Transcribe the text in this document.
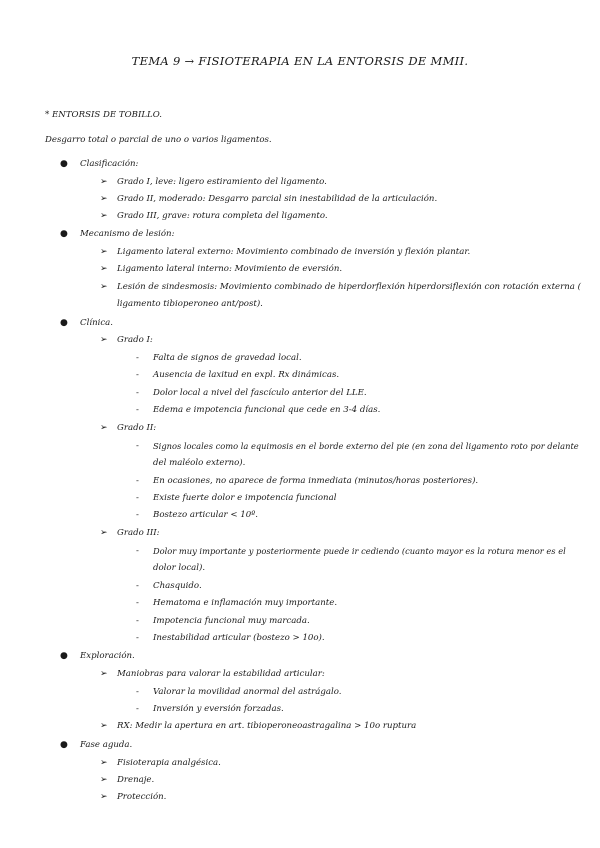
TEMA 9 → FISIOTERAPIA EN LA ENTORSIS DE MMII.
* ENTORSIS DE TOBILLO.
Desgarro total o parcial de uno o varios ligamentos.
● Clasificación:
➢ Grado I, leve: ligero estiramiento del ligamento.
➢ Grado II, moderado: Desgarro parcial sin inestabilidad de la articulación.
➢ Grado III, grave: rotura completa del ligamento.
● Mecanismo de lesión:
➢ Ligamento lateral externo: Movimiento combinado de inversión y flexión plantar.
➢ Ligamento lateral interno: Movimiento de eversión.
➢ Lesión de sindesmosis: Movimiento combinado de hiperdorflexión hiperdorsiflexión con rotación externa (
ligamento tibioperoneo ant/post).
● Clínica.
➢ Grado I:
- Falta de signos de gravedad local.
- Ausencia de laxitud en expl. Rx dinámicas.
- Dolor local a nivel del fascículo anterior del LLE.
- Edema e impotencia funcional que cede en 3-4 días.
➢ Grado II:
- Signos locales como la equimosis en el borde externo del pie (en zona del ligamento roto por delante
del maléolo externo).
- En ocasiones, no aparece de forma inmediata (minutos/horas posteriores).
- Existe fuerte dolor e impotencia funcional
- Bostezo articular < 10º.
➢ Grado III:
- Dolor muy importante y posteriormente puede ir cediendo (cuanto mayor es la rotura menor es el
dolor local).
- Chasquido.
- Hematoma e inflamación muy importante.
- Impotencia funcional muy marcada.
- Inestabilidad articular (bostezo > 10o).
● Exploración.
➢ Maniobras para valorar la estabilidad articular:
- Valorar la movilidad anormal del astrágalo.
- Inversión y eversión forzadas.
➢ RX: Medir la apertura en art. tibioperoneoastragalina > 10o ruptura
● Fase aguda.
➢ Fisioterapia analgésica.
➢ Drenaje.
➢ Protección.
